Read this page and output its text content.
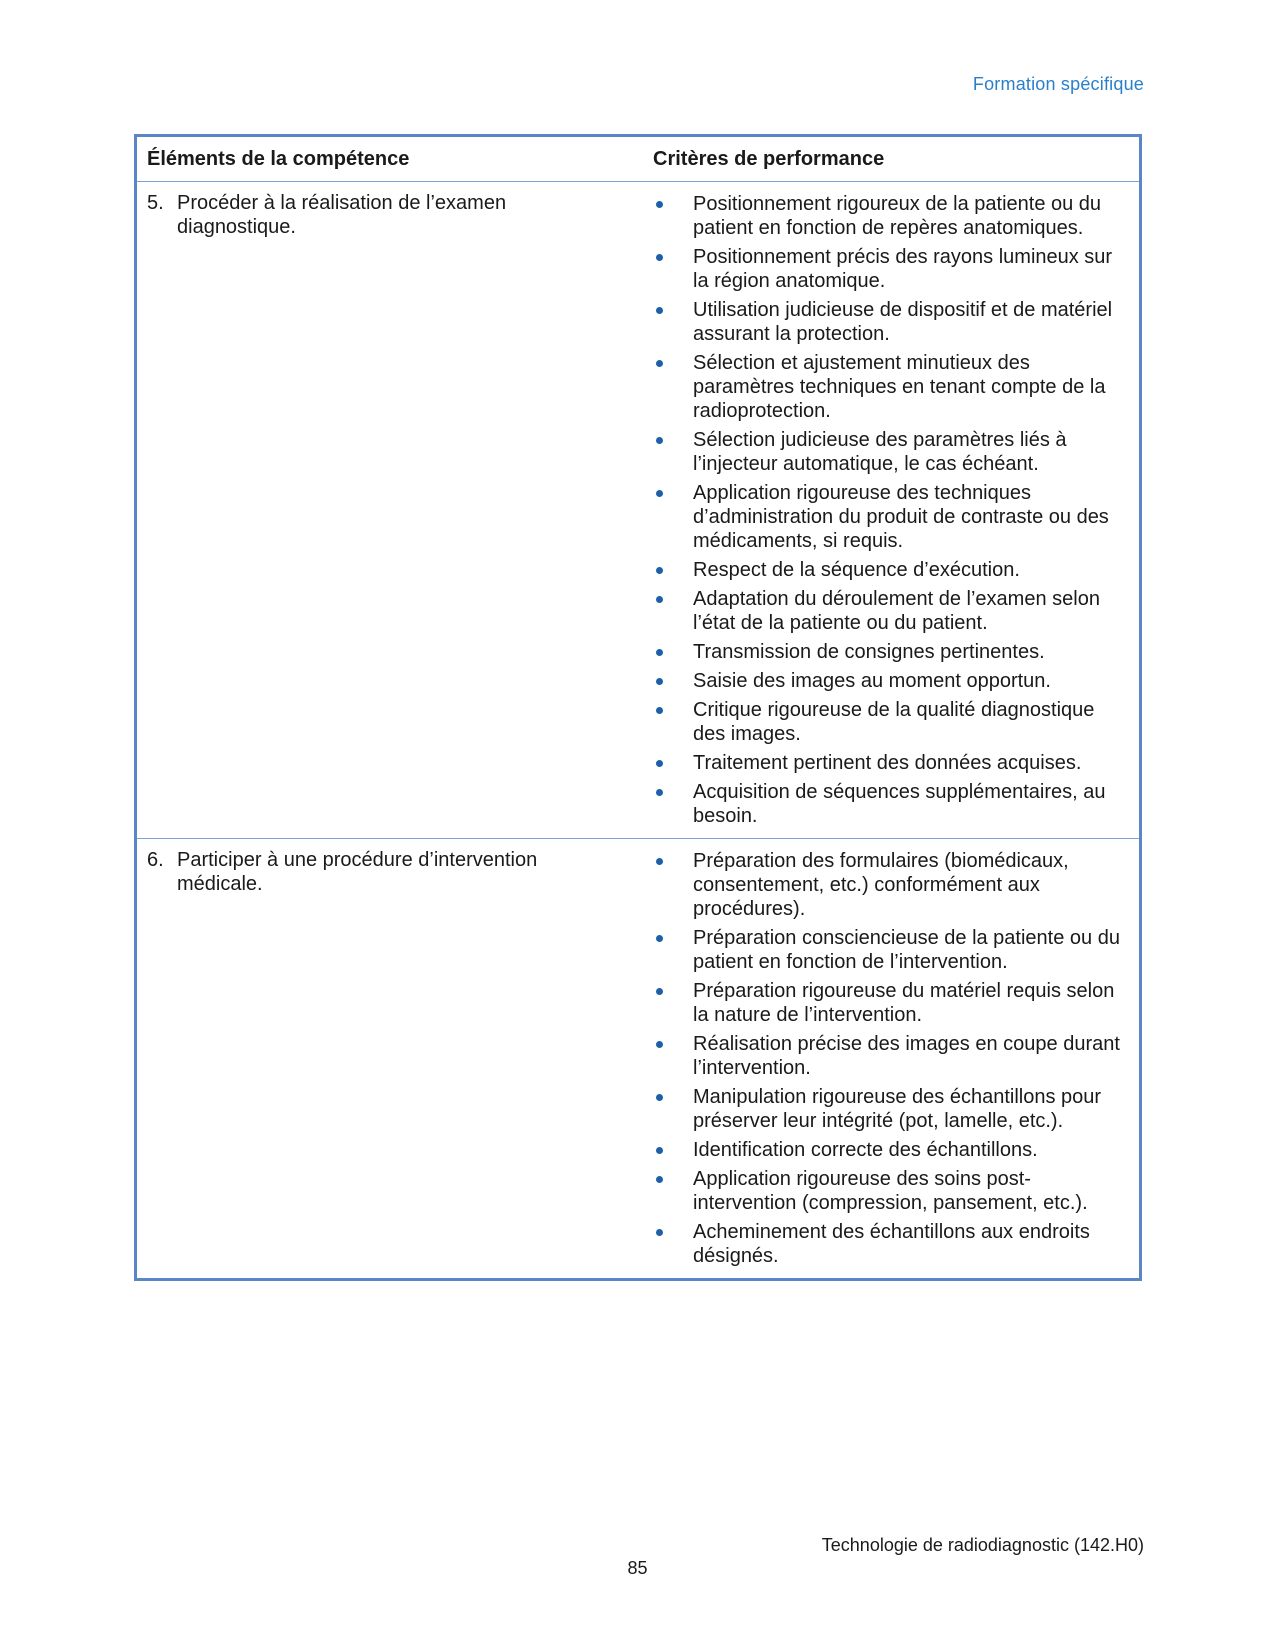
Formation spécifique
Éléments de la compétence	Critères de performance
5. Procéder à la réalisation de l’examen diagnostique.
Positionnement rigoureux de la patiente ou du patient en fonction de repères anatomiques.
Positionnement précis des rayons lumineux sur la région anatomique.
Utilisation judicieuse de dispositif et de matériel assurant la protection.
Sélection et ajustement minutieux des paramètres techniques en tenant compte de la radioprotection.
Sélection judicieuse des paramètres liés à l’injecteur automatique, le cas échéant.
Application rigoureuse des techniques d’administration du produit de contraste ou des médicaments, si requis.
Respect de la séquence d’exécution.
Adaptation du déroulement de l’examen selon l’état de la patiente ou du patient.
Transmission de consignes pertinentes.
Saisie des images au moment opportun.
Critique rigoureuse de la qualité diagnostique des images.
Traitement pertinent des données acquises.
Acquisition de séquences supplémentaires, au besoin.
6. Participer à une procédure d’intervention médicale.
Préparation des formulaires (biomédicaux, consentement, etc.) conformément aux procédures).
Préparation consciencieuse de la patiente ou du patient en fonction de l’intervention.
Préparation rigoureuse du matériel requis selon la nature de l’intervention.
Réalisation précise des images en coupe durant l’intervention.
Manipulation rigoureuse des échantillons pour préserver leur intégrité (pot, lamelle, etc.).
Identification correcte des échantillons.
Application rigoureuse des soins post-intervention (compression, pansement, etc.).
Acheminement des échantillons aux endroits désignés.
Technologie de radiodiagnostic (142.H0)
85
